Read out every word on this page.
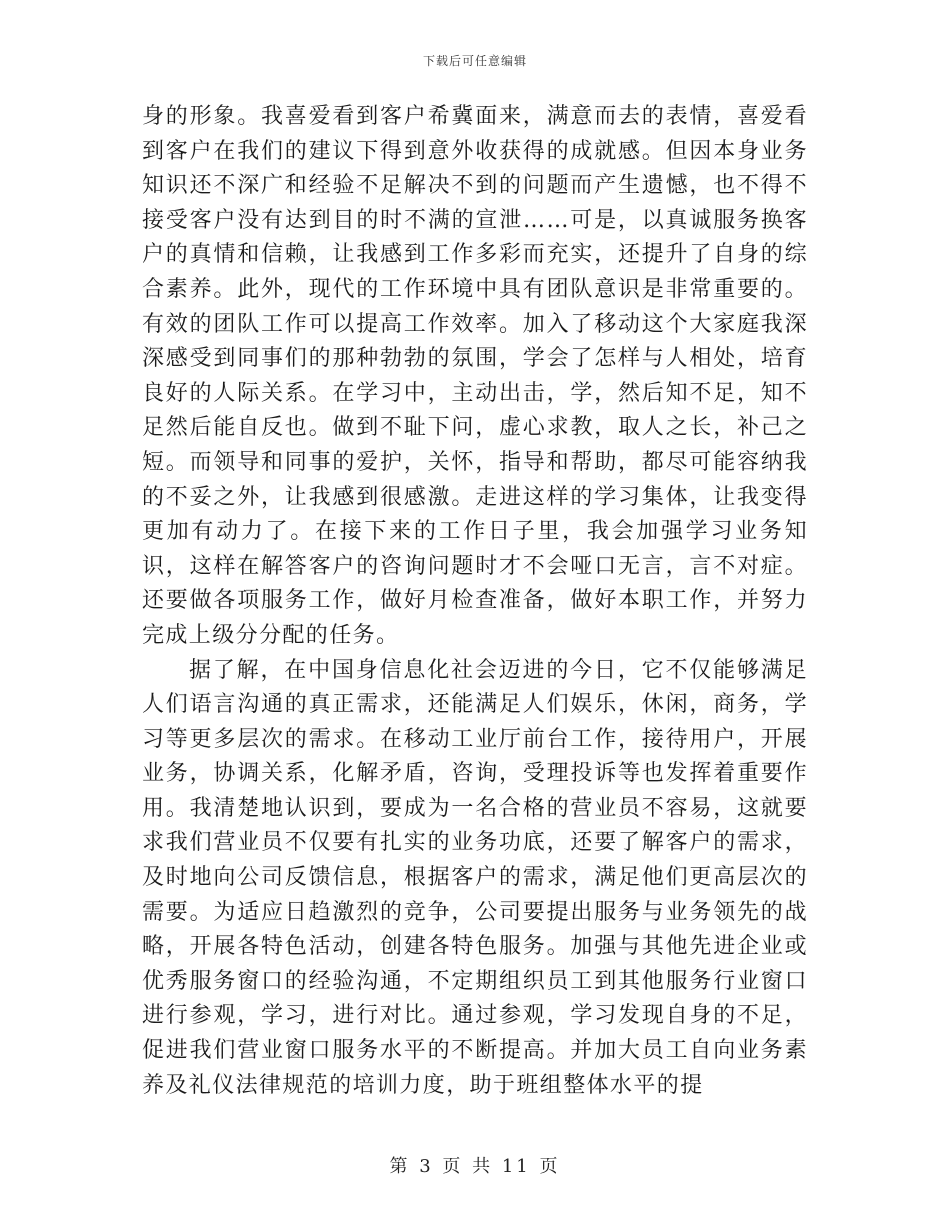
下载后可任意编辑

身的形象。我喜爱看到客户希冀面来，满意而去的表情，喜爱看到客户在我们的建议下得到意外收获得的成就感。但因本身业务知识还不深广和经验不足解决不到的问题而产生遗憾，也不得不接受客户没有达到目的时不满的宣泄……可是，以真诚服务换客户的真情和信赖，让我感到工作多彩而充实，还提升了自身的综合素养。此外，现代的工作环境中具有团队意识是非常重要的。有效的团队工作可以提高工作效率。加入了移动这个大家庭我深深感受到同事们的那种勃勃的氛围，学会了怎样与人相处，培育良好的人际关系。在学习中，主动出击，学，然后知不足，知不足然后能自反也。做到不耻下问，虚心求教，取人之长，补己之短。而领导和同事的爱护，关怀，指导和帮助，都尽可能容纳我的不妥之外，让我感到很感激。走进这样的学习集体，让我变得更加有动力了。在接下来的工作日子里，我会加强学习业务知识，这样在解答客户的咨询问题时才不会哑口无言，言不对症。还要做各项服务工作，做好月检查准备，做好本职工作，并努力完成上级分分配的任务。

据了解，在中国身信息化社会迈进的今日，它不仅能够满足人们语言沟通的真正需求，还能满足人们娱乐，休闲，商务，学习等更多层次的需求。在移动工业厅前台工作，接待用户，开展业务，协调关系，化解矛盾，咨询，受理投诉等也发挥着重要作用。我清楚地认识到，要成为一名合格的营业员不容易，这就要求我们营业员不仅要有扎实的业务功底，还要了解客户的需求，及时地向公司反馈信息，根据客户的需求，满足他们更高层次的需要。为适应日趋激烈的竞争，公司要提出服务与业务领先的战略，开展各特色活动，创建各特色服务。加强与其他先进企业或优秀服务窗口的经验沟通，不定期组织员工到其他服务行业窗口进行参观，学习，进行对比。通过参观，学习发现自身的不足，促进我们营业窗口服务水平的不断提高。并加大员工自向业务素养及礼仪法律规范的培训力度，助于班组整体水平的提

第 3 页 共 11 页
